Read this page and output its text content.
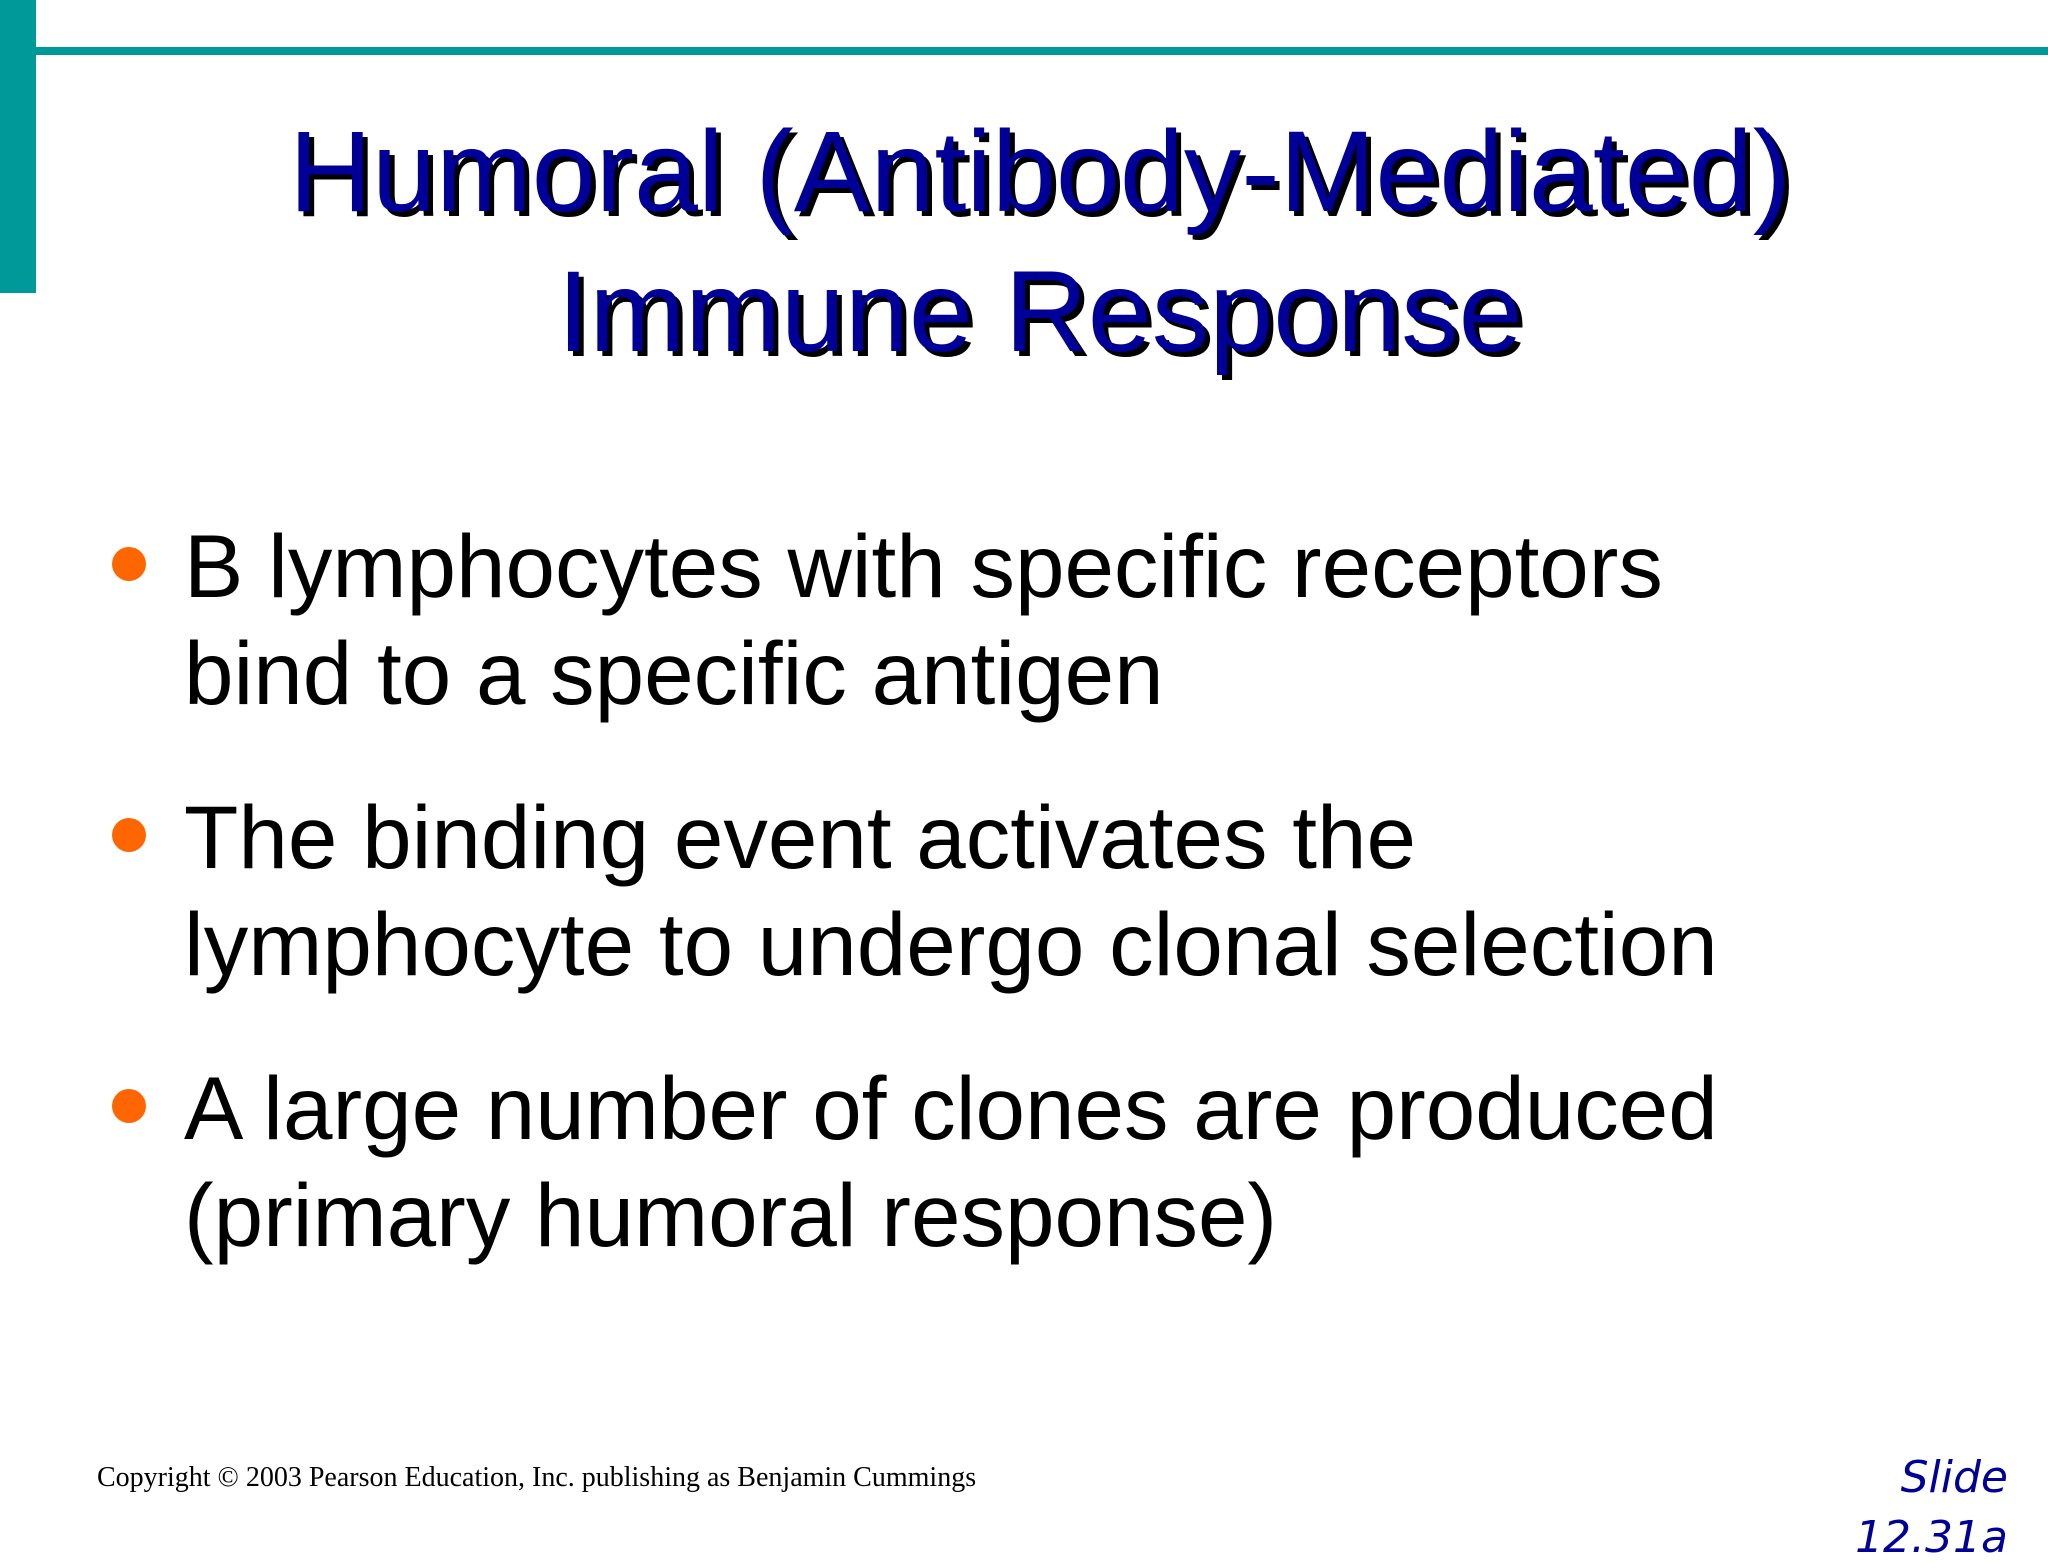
Humoral (Antibody-Mediated)
Immune Response
B lymphocytes with specific receptors
bind to a specific antigen
The binding event activates the
lymphocyte to undergo clonal selection
A large number of clones are produced
(primary humoral response)
Copyright © 2003 Pearson Education, Inc. publishing as Benjamin Cummings	Slide
12.31a
